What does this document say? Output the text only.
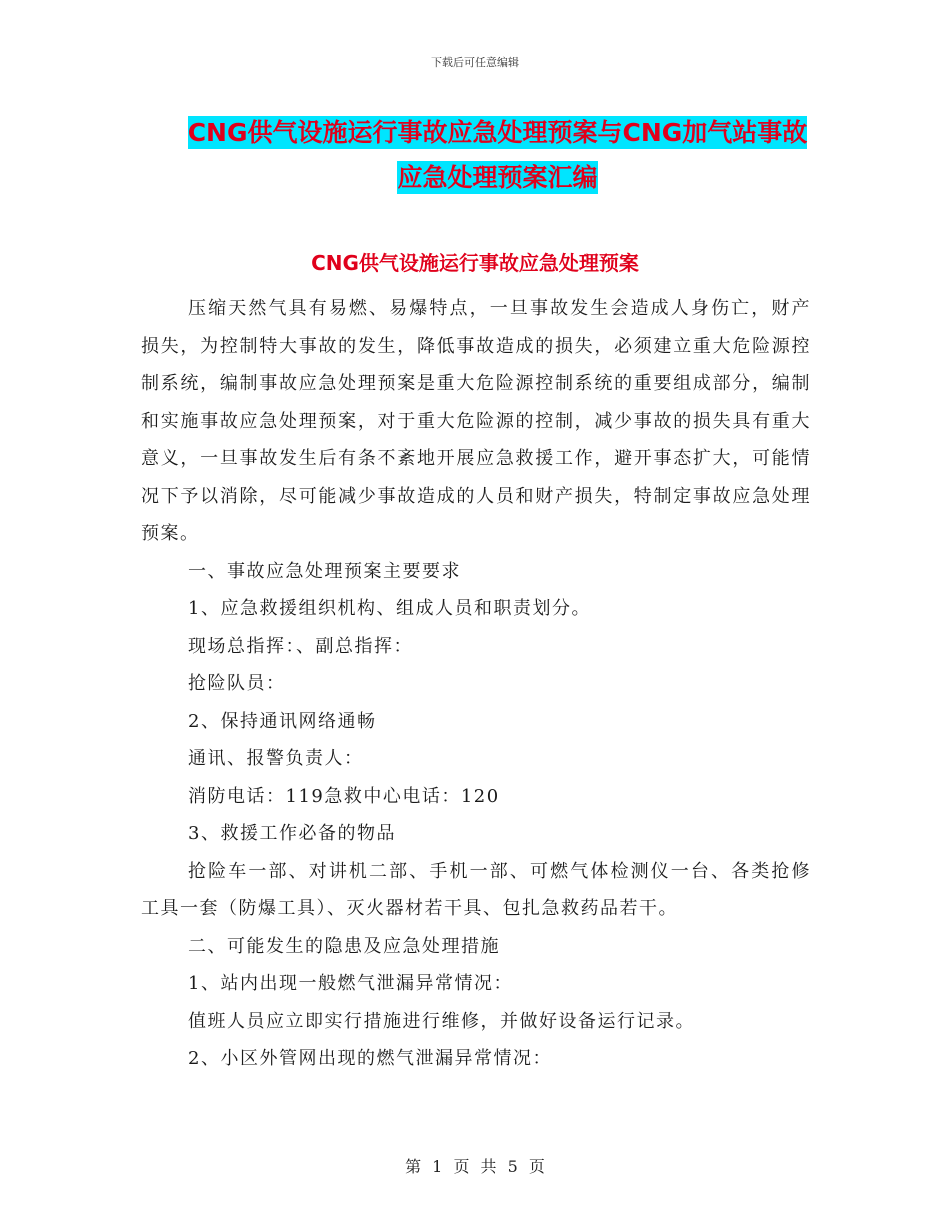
下载后可任意编辑
CNG供气设施运行事故应急处理预案与CNG加气站事故
应急处理预案汇编
CNG供气设施运行事故应急处理预案

压缩天然气具有易燃、易爆特点，一旦事故发生会造成人身伤亡，财产损失，为控制特大事故的发生，降低事故造成的损失，必须建立重大危险源控制系统，编制事故应急处理预案是重大危险源控制系统的重要组成部分，编制和实施事故应急处理预案，对于重大危险源的控制，减少事故的损失具有重大意义，一旦事故发生后有条不紊地开展应急救援工作，避开事态扩大，可能情况下予以消除，尽可能减少事故造成的人员和财产损失，特制定事故应急处理预案。

一、事故应急处理预案主要要求

1、应急救援组织机构、组成人员和职责划分。

现场总指挥：、副总指挥：

抢险队员：

2、保持通讯网络通畅

通讯、报警负责人：

消防电话：119急救中心电话：120

3、救援工作必备的物品

抢险车一部、对讲机二部、手机一部、可燃气体检测仪一台、各类抢修工具一套（防爆工具）、灭火器材若干具、包扎急救药品若干。

二、可能发生的隐患及应急处理措施

1、站内出现一般燃气泄漏异常情况：

值班人员应立即实行措施进行维修，并做好设备运行记录。

2、小区外管网出现的燃气泄漏异常情况：

第 1 页 共 5 页
